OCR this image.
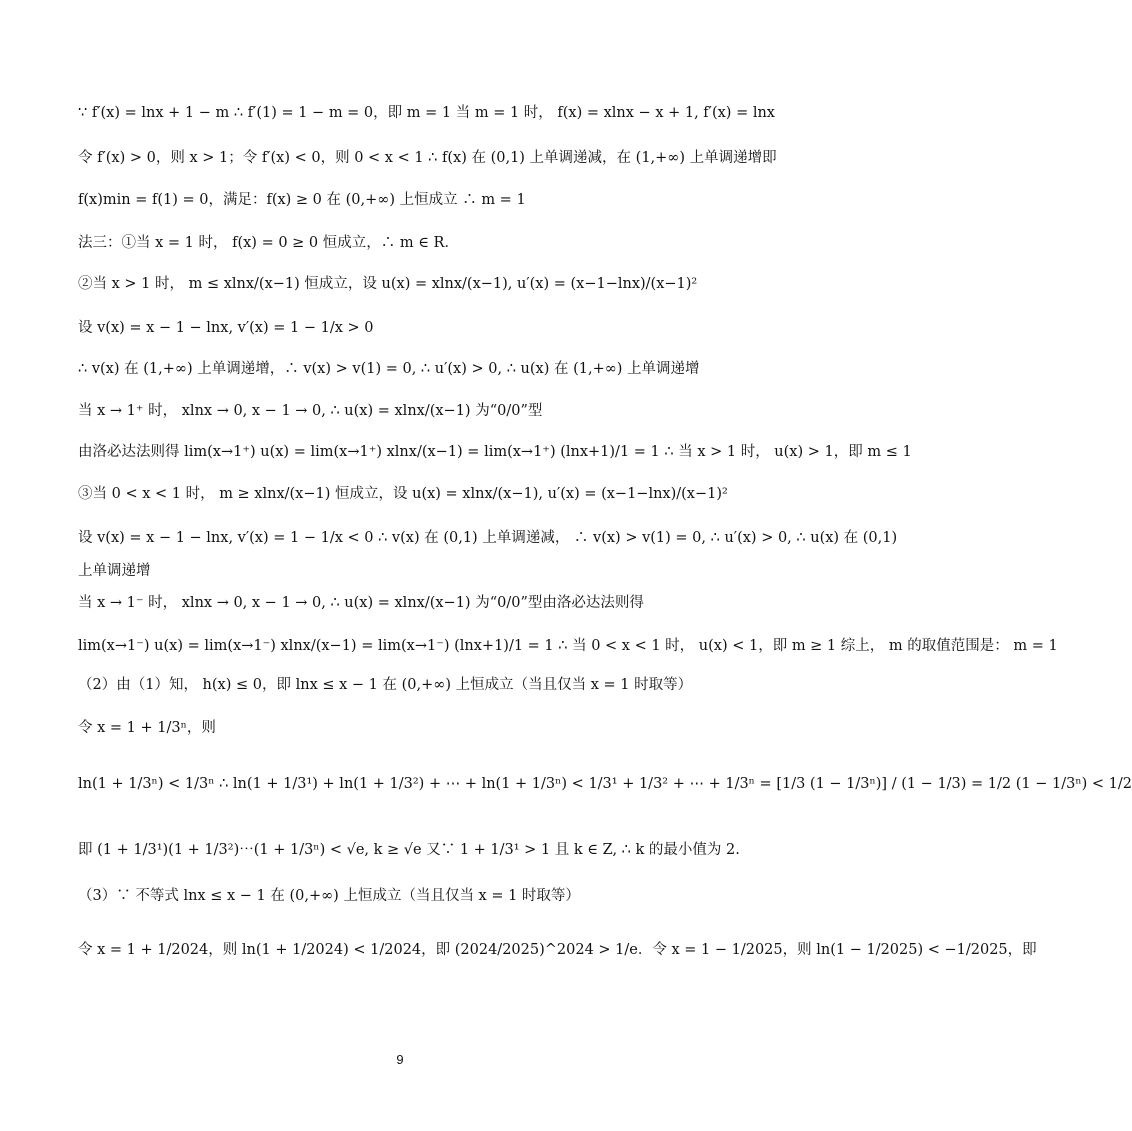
∵ f′(x) = lnx + 1 − m ∴ f′(1) = 1 − m = 0，即 m = 1 当 m = 1 时， f(x) = xlnx − x + 1, f′(x) = lnx
令 f′(x) > 0，则 x > 1；令 f′(x) < 0，则 0 < x < 1 ∴ f(x) 在 (0,1) 上单调递减，在 (1,+∞) 上单调递增即
f(x)min = f(1) = 0，满足：f(x) ≥ 0 在 (0,+∞) 上恒成立 ∴ m = 1
法三：①当 x = 1 时， f(x) = 0 ≥ 0 恒成立，∴ m ∈ R．
②当 x > 1 时， m ≤ xlnx/(x−1) 恒成立，设 u(x) = xlnx/(x−1), u′(x) = (x−1−lnx)/(x−1)²
设 v(x) = x − 1 − lnx, v′(x) = 1 − 1/x > 0
∴ v(x) 在 (1,+∞) 上单调递增，∴ v(x) > v(1) = 0, ∴ u′(x) > 0, ∴ u(x) 在 (1,+∞) 上单调递增
当 x → 1⁺ 时， xlnx → 0, x − 1 → 0, ∴ u(x) = xlnx/(x−1) 为“0/0”型
由洛必达法则得 lim(x→1⁺) u(x) = lim(x→1⁺) xlnx/(x−1) = lim(x→1⁺) (lnx+1)/1 = 1 ∴ 当 x > 1 时， u(x) > 1，即 m ≤ 1
③当 0 < x < 1 时， m ≥ xlnx/(x−1) 恒成立，设 u(x) = xlnx/(x−1), u′(x) = (x−1−lnx)/(x−1)²
设 v(x) = x − 1 − lnx, v′(x) = 1 − 1/x < 0 ∴ v(x) 在 (0,1) 上单调递减， ∴ v(x) > v(1) = 0, ∴ u′(x) > 0, ∴ u(x) 在 (0,1)
上单调递增
当 x → 1⁻ 时， xlnx → 0, x − 1 → 0, ∴ u(x) = xlnx/(x−1) 为“0/0”型由洛必达法则得
lim(x→1⁻) u(x) = lim(x→1⁻) xlnx/(x−1) = lim(x→1⁻) (lnx+1)/1 = 1 ∴ 当 0 < x < 1 时， u(x) < 1，即 m ≥ 1 综上， m 的取值范围是： m = 1
（2）由（1）知， h(x) ≤ 0，即 lnx ≤ x − 1 在 (0,+∞) 上恒成立（当且仅当 x = 1 时取等）
令 x = 1 + 1/3ⁿ，则
ln(1 + 1/3ⁿ) < 1/3ⁿ ∴ ln(1 + 1/3¹) + ln(1 + 1/3²) + ⋯ + ln(1 + 1/3ⁿ) < 1/3¹ + 1/3² + ⋯ + 1/3ⁿ = [1/3 (1 − 1/3ⁿ)] / (1 − 1/3) = 1/2 (1 − 1/3ⁿ) < 1/2
即 (1 + 1/3¹)(1 + 1/3²)⋯(1 + 1/3ⁿ) < √e, k ≥ √e 又∵ 1 + 1/3¹ > 1 且 k ∈ Z, ∴ k 的最小值为 2.
（3）∵ 不等式 lnx ≤ x − 1 在 (0,+∞) 上恒成立（当且仅当 x = 1 时取等）
令 x = 1 + 1/2024，则 ln(1 + 1/2024) < 1/2024，即 (2024/2025)^2024 > 1/e．令 x = 1 − 1/2025，则 ln(1 − 1/2025) < −1/2025，即
9
